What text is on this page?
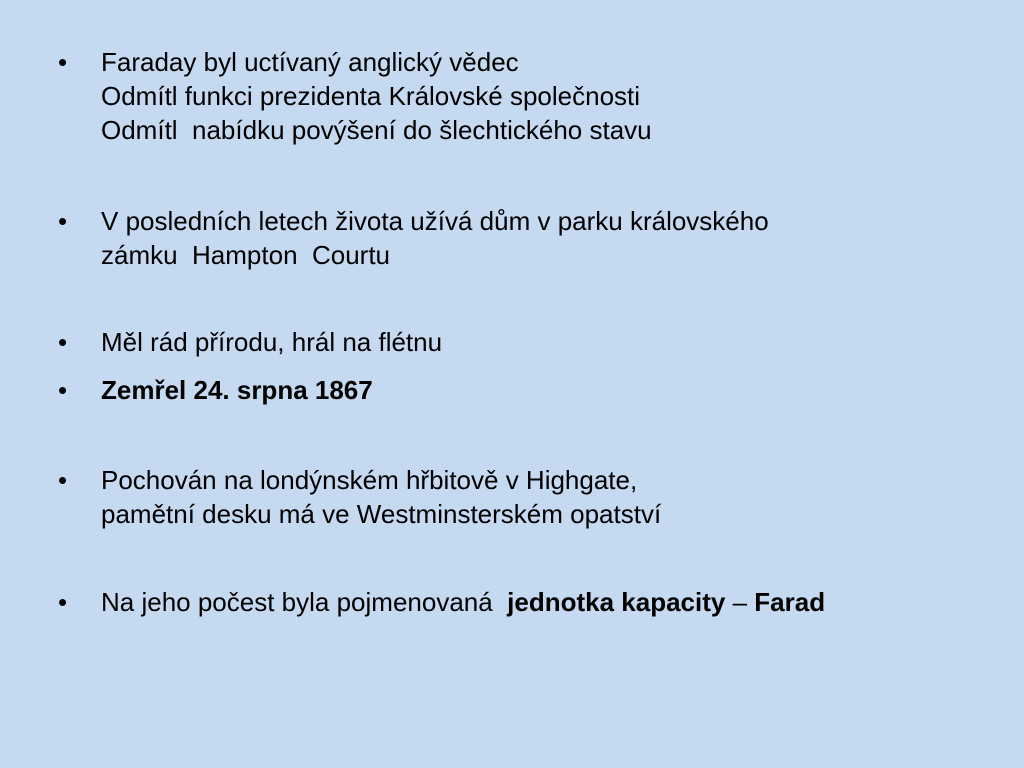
•	Faraday byl uctívaný anglický vědec
Odmítl funkci prezidenta Královské společnosti
Odmítl  nabídku povýšení do šlechtického stavu
•	V posledních letech života užívá dům v parku královského
zámku  Hampton  Courtu
•	Měl rád přírodu, hrál na flétnu
•	Zemřel 24. srpna 1867
•	Pochován na londýnském hřbitově v Highgate,
pamětní desku má ve Westminsterském opatství
•	Na jeho počest byla pojmenovaná  jednotka kapacity – Farad
